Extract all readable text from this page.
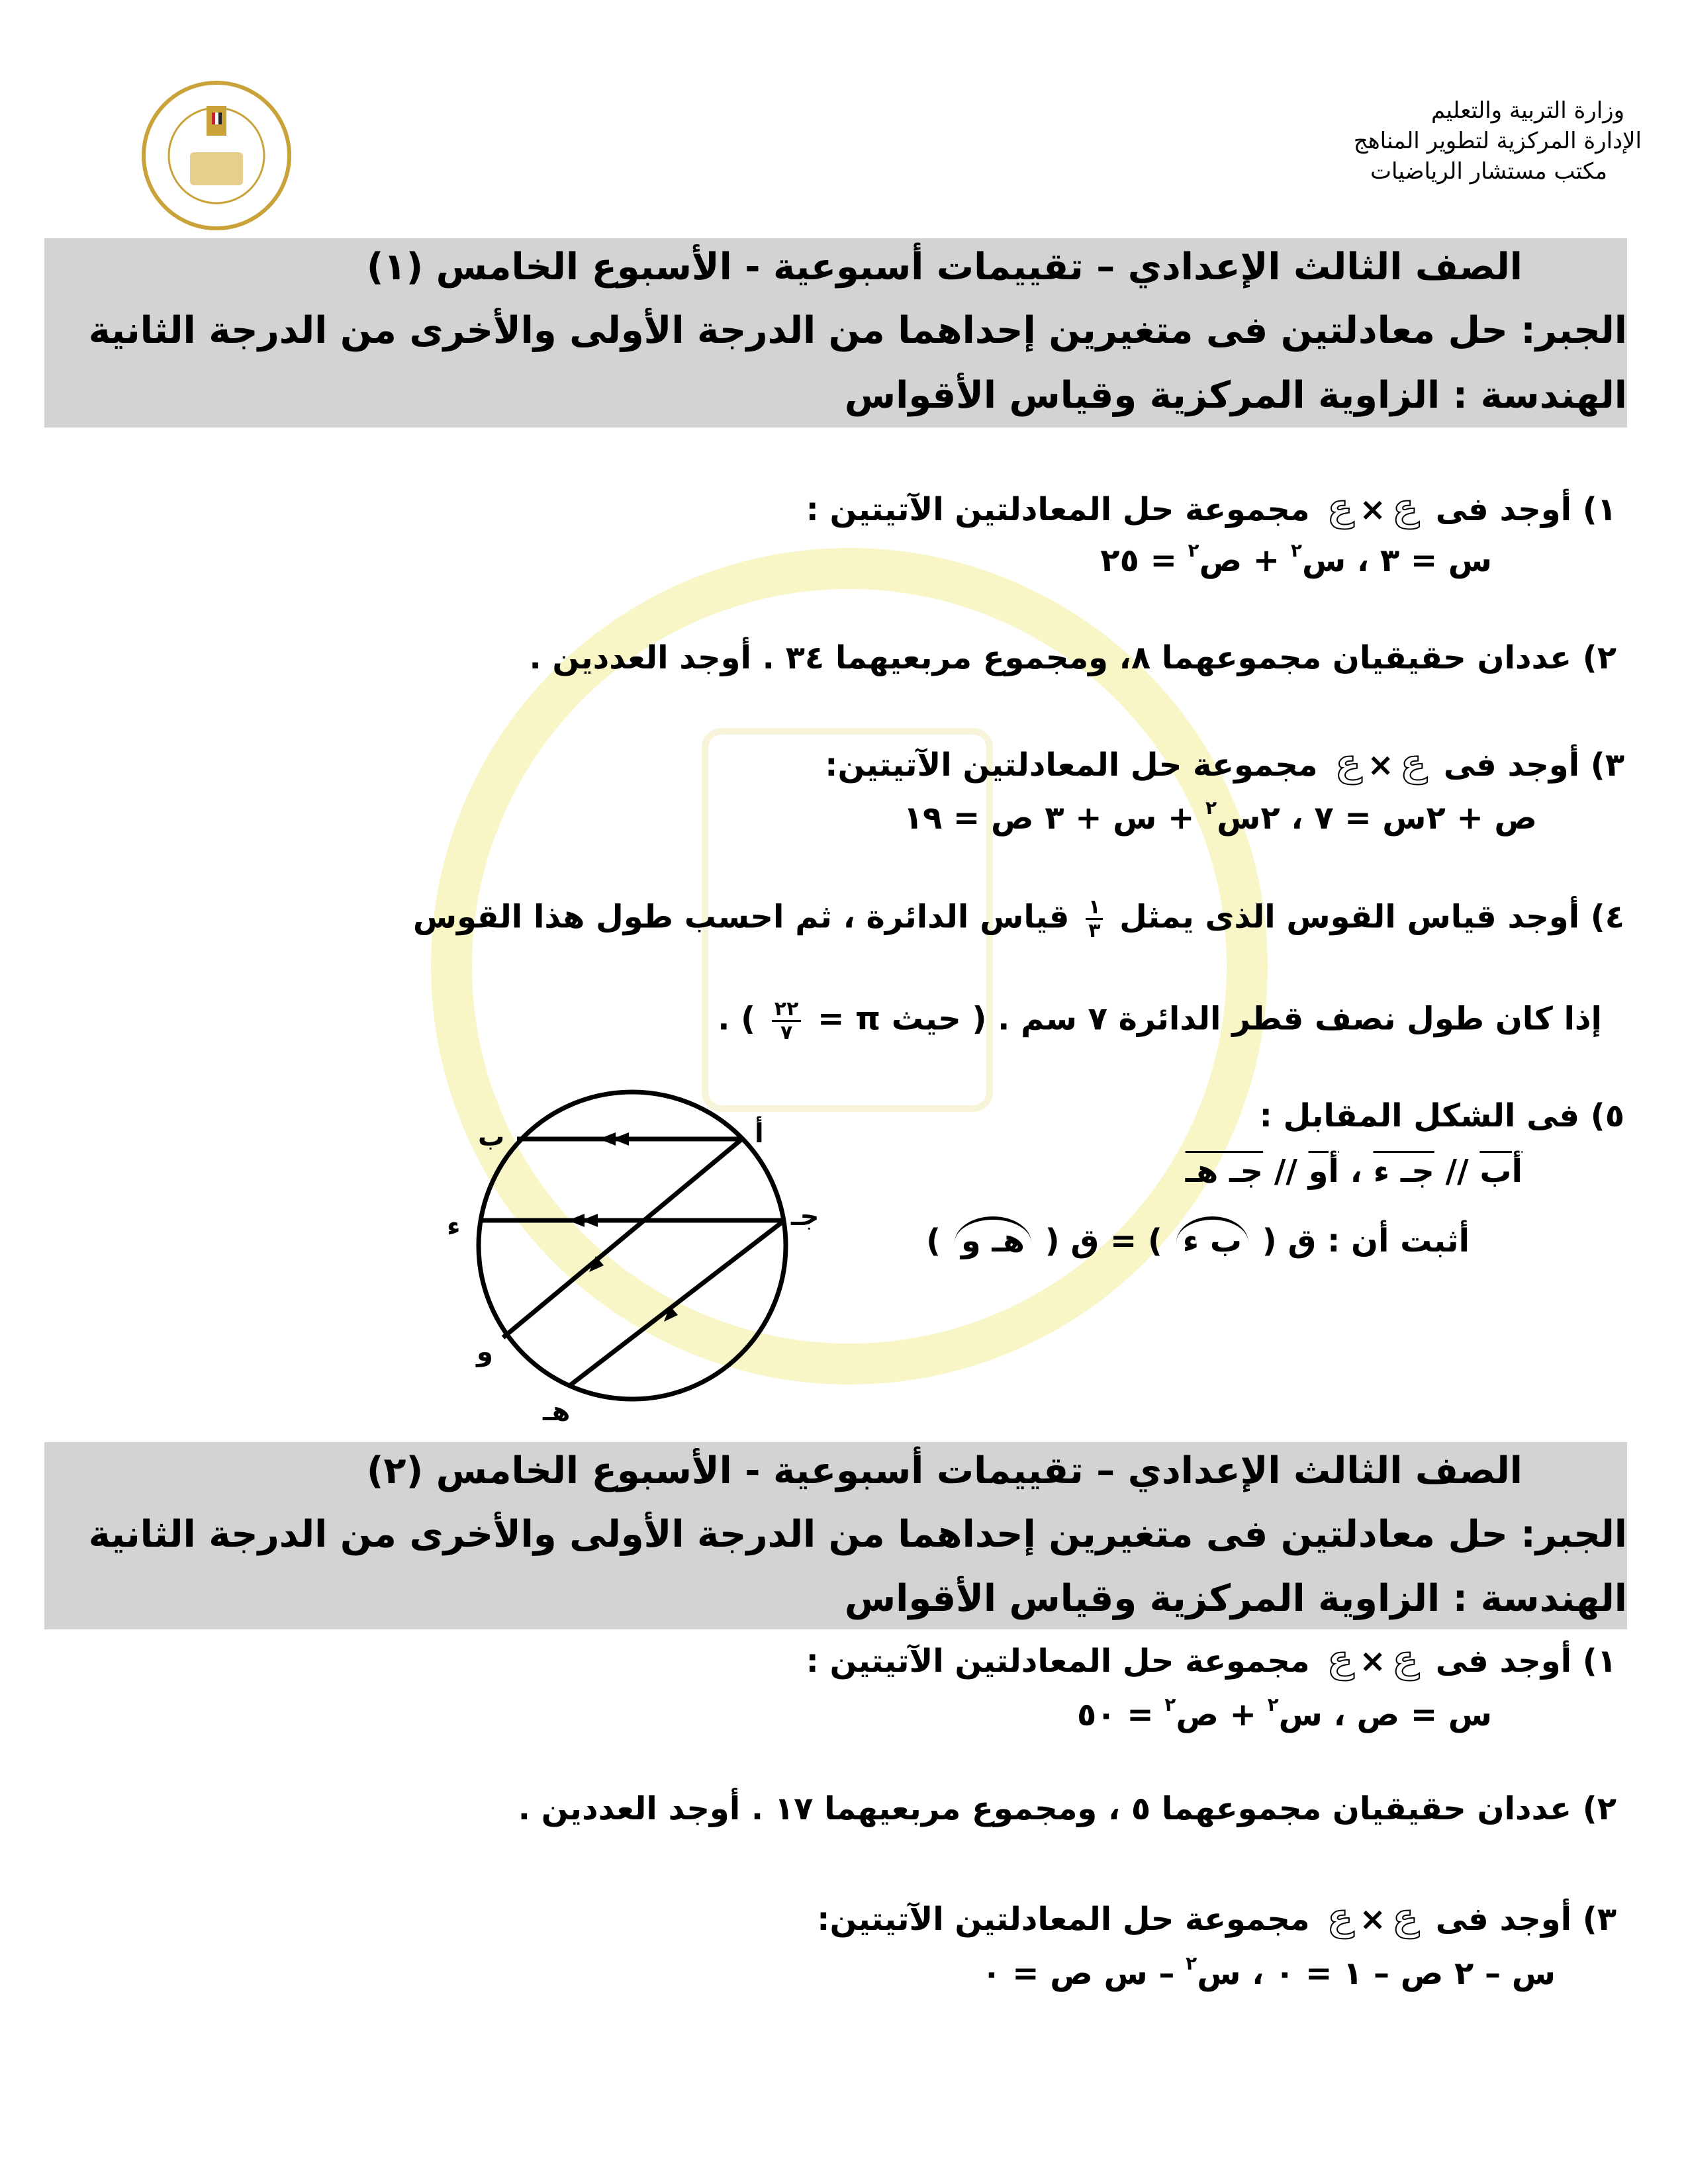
وزارة التربية والتعليم
الإدارة المركزية لتطوير المناهج
مكتب مستشار الرياضيات
الصف الثالث الإعدادي – تقييمات أسبوعية - الأسبوع الخامس (١)
الجبر: حل معادلتين فى متغيرين إحداهما من الدرجة الأولى والأخرى من الدرجة الثانية
الهندسة : الزاوية المركزية وقياس الأقواس
١) أوجد فى ع×ع مجموعة حل المعادلتين الآتيتين :
س = ٣ ، س$^٢$ + ص$^٢$ = ٢٥
٢) عددان حقيقيان مجموعهما ٨، ومجموع مربعيهما ٣٤ . أوجد العددين .
٣) أوجد فى ع×ع مجموعة حل المعادلتين الآتيتين:
ص + ٢س = ٧ ، ٢س$^٢$ + س + ٣ ص = ١٩
٤) أوجد قياس القوس الذى يمثل
$\frac{١}{٣}$
قياس الدائرة ، ثم احسب طول هذا القوس
إذا كان طول نصف قطر الدائرة ٧ سم . ( حيث π =
$\frac{٢٢}{٧}$
) .
٥) فى الشكل المقابل :
أب // جـ ء ، أو // جـ هـ
أثبت أن : ق ( ب ء ) = ق ( هـ و )
أ
ب
جـ
ء
و
هـ
الصف الثالث الإعدادي – تقييمات أسبوعية - الأسبوع الخامس (٢)
الجبر: حل معادلتين فى متغيرين إحداهما من الدرجة الأولى والأخرى من الدرجة الثانية
الهندسة : الزاوية المركزية وقياس الأقواس
١) أوجد فى ع×ع مجموعة حل المعادلتين الآتيتين :
س = ص ، س$^٢$ + ص$^٢$ = ٥٠
٢) عددان حقيقيان مجموعهما ٥ ، ومجموع مربعيهما ١٧ . أوجد العددين .
٣) أوجد فى ع×ع مجموعة حل المعادلتين الآتيتين:
س – ٢ ص – ١ = ٠ ، س$^٢$ – س ص = ٠
